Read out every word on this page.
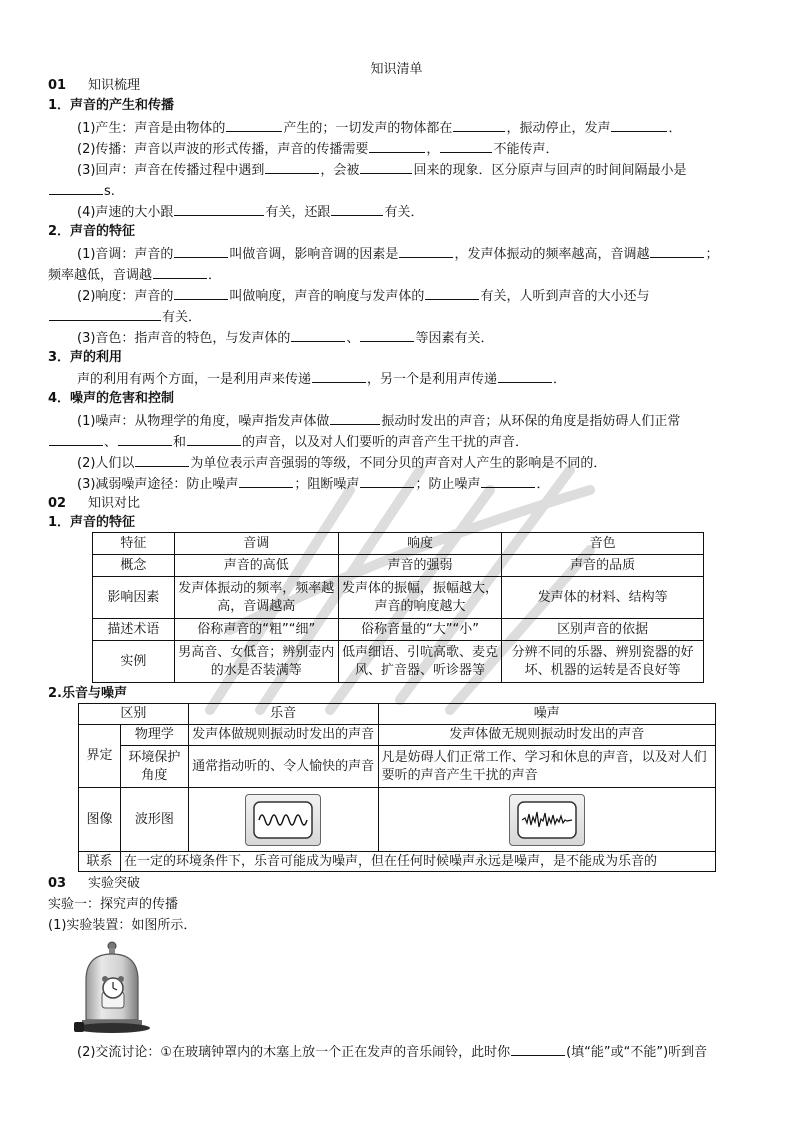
知识清单
01 知识梳理
1．声音的产生和传播
(1)产生：声音是由物体的	产生的；一切发声的物体都在	，振动停止，发声	．
(2)传播：声音以声波的形式传播，声音的传播需要	，	不能传声．
(3)回声：声音在传播过程中遇到	，会被	回来的现象．区分原声与回声的时间间隔最小是
s.
(4)声速的大小跟	有关，还跟	有关．
2．声音的特征
(1)音调：声音的	叫做音调，影响音调的因素是	，发声体振动的频率越高，音调越	；
频率越低，音调越	．
(2)响度：声音的	叫做响度，声音的响度与发声体的	有关，人听到声音的大小还与
有关．
(3)音色：指声音的特色，与发声体的	、	等因素有关．
3．声的利用
声的利用有两个方面，一是利用声来传递	，另一个是利用声传递	．
4．噪声的危害和控制
(1)噪声：从物理学的角度，噪声指发声体做	振动时发出的声音；从环保的角度是指妨碍人们正常
、	和	的声音，以及对人们要听的声音产生干扰的声音．
(2)人们以	为单位表示声音强弱的等级，不同分贝的声音对人产生的影响是不同的．
(3)减弱噪声途径：防止噪声	；阻断噪声	；防止噪声	．
02 知识对比
1．声音的特征
特征	音调	响度	音色
概念	声音的高低	声音的强弱	声音的品质
影响因素	发声体振动的频率，频率越高，音调越高	发声体的振幅，振幅越大，声音的响度越大	发声体的材料、结构等
描述术语	俗称声音的“粗”“细”	俗称音量的“大”“小”	区别声音的依据
实例	男高音、女低音；辨别壶内的水是否装满等	低声细语、引吭高歌、麦克风、扩音器、听诊器等	分辨不同的乐器、辨别瓷器的好坏、机器的运转是否良好等
2.乐音与噪声
区别		乐音	噪声
界定	物理学	发声体做规则振动时发出的声音	发声体做无规则振动时发出的声音
	环境保护角度	通常指动听的、令人愉快的声音	凡是妨碍人们正常工作、学习和休息的声音，以及对人们要听的声音产生干扰的声音
图像	波形图	

联系	在一定的环境条件下，乐音可能成为噪声，但在任何时候噪声永远是噪声，是不能成为乐音的		
03 实验突破
实验一：探究声的传播
(1)实验装置：如图所示．
(2)交流讨论：①在玻璃钟罩内的木塞上放一个正在发声的音乐闹铃，此时你	(填“能”或“不能”)听到音
